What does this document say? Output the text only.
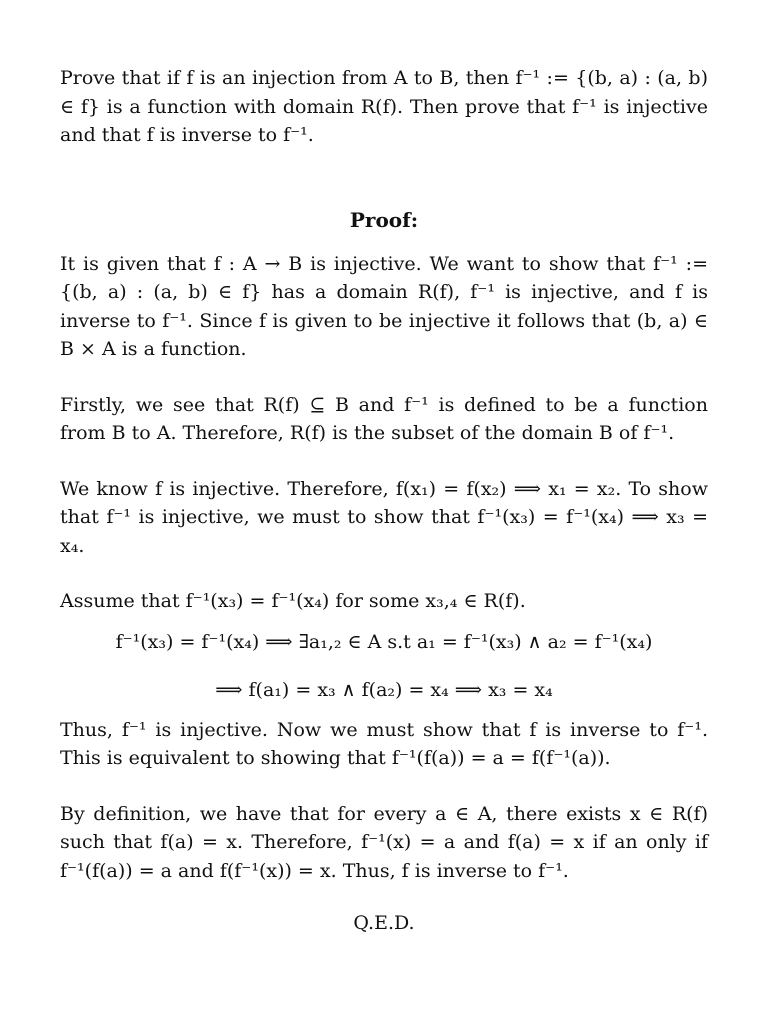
Prove that if f is an injection from A to B, then f⁻¹ := {(b, a) : (a, b) ∈ f} is a function with domain R(f). Then prove that f⁻¹ is injective and that f is inverse to f⁻¹.

Proof:

It is given that f : A → B is injective. We want to show that f⁻¹ := {(b, a) : (a, b) ∈ f} has a domain R(f), f⁻¹ is injective, and f is inverse to f⁻¹. Since f is given to be injective it follows that (b, a) ∈ B × A is a function.

Firstly, we see that R(f) ⊆ B and f⁻¹ is defined to be a function from B to A. Therefore, R(f) is the subset of the domain B of f⁻¹.

We know f is injective. Therefore, f(x₁) = f(x₂) ⟹ x₁ = x₂. To show that f⁻¹ is injective, we must to show that f⁻¹(x₃) = f⁻¹(x₄) ⟹ x₃ = x₄.

Assume that f⁻¹(x₃) = f⁻¹(x₄) for some x₃,₄ ∈ R(f).

f⁻¹(x₃) = f⁻¹(x₄) ⟹ ∃a₁,₂ ∈ A s.t a₁ = f⁻¹(x₃) ∧ a₂ = f⁻¹(x₄)
⟹ f(a₁) = x₃ ∧ f(a₂) = x₄ ⟹ x₃ = x₄

Thus, f⁻¹ is injective. Now we must show that f is inverse to f⁻¹. This is equivalent to showing that f⁻¹(f(a)) = a = f(f⁻¹(a)).

By definition, we have that for every a ∈ A, there exists x ∈ R(f) such that f(a) = x. Therefore, f⁻¹(x) = a and f(a) = x if an only if f⁻¹(f(a)) = a and f(f⁻¹(x)) = x. Thus, f is inverse to f⁻¹.

Q.E.D.
